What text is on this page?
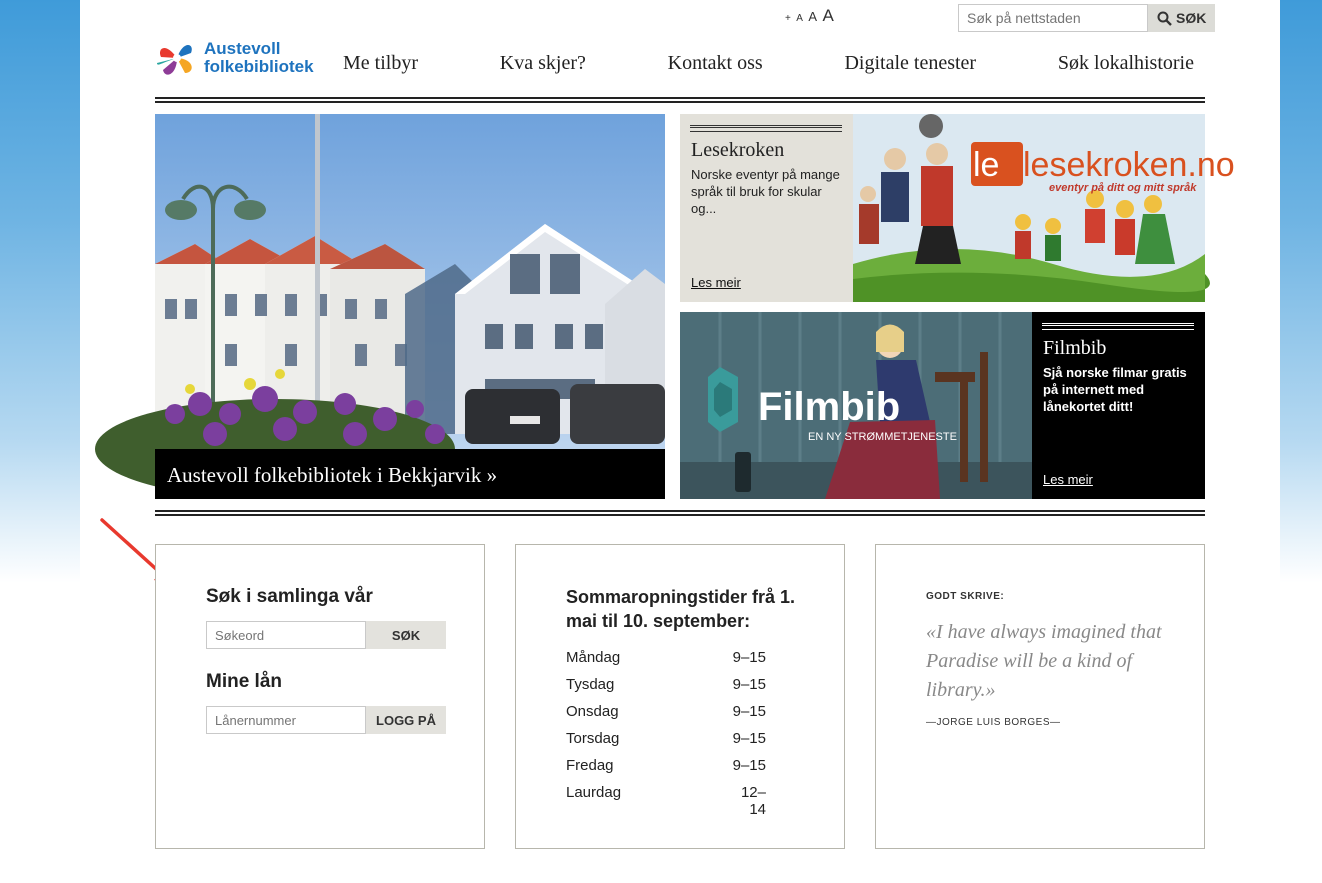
+ A A A
Søk på nettstaden	SØK
Austevoll
folkebibliotek Me tilbyr	Kva skjer?	Kontakt oss	Digitale tenester	Søk lokalhistorie
Austevoll folkebibliotek i Bekkjarvik »
Lesekroken
Norske eventyr på mange språk til bruk for skular og...
Les meir
le lesekroken.no
eventyr på ditt og mitt språk
Filmbib
EN NY STRØMMETJENESTE
Filmbib
Sjå norske filmar gratis på internett med lånekortet ditt!
Les meir
Søk i samlinga vår
Søkeord
SØK
Mine lån
Lånernummer
LOGG PÅ
Sommaropningstider frå 1. mai til 10. september:
Måndag	9–15
Tysdag	9–15
Onsdag	9–15
Torsdag	9–15
Fredag	9–15
Laurdag	12–14
GODT SKRIVE:
«I have always imagined that Paradise will be a kind of library.»
—JORGE LUIS BORGES—
